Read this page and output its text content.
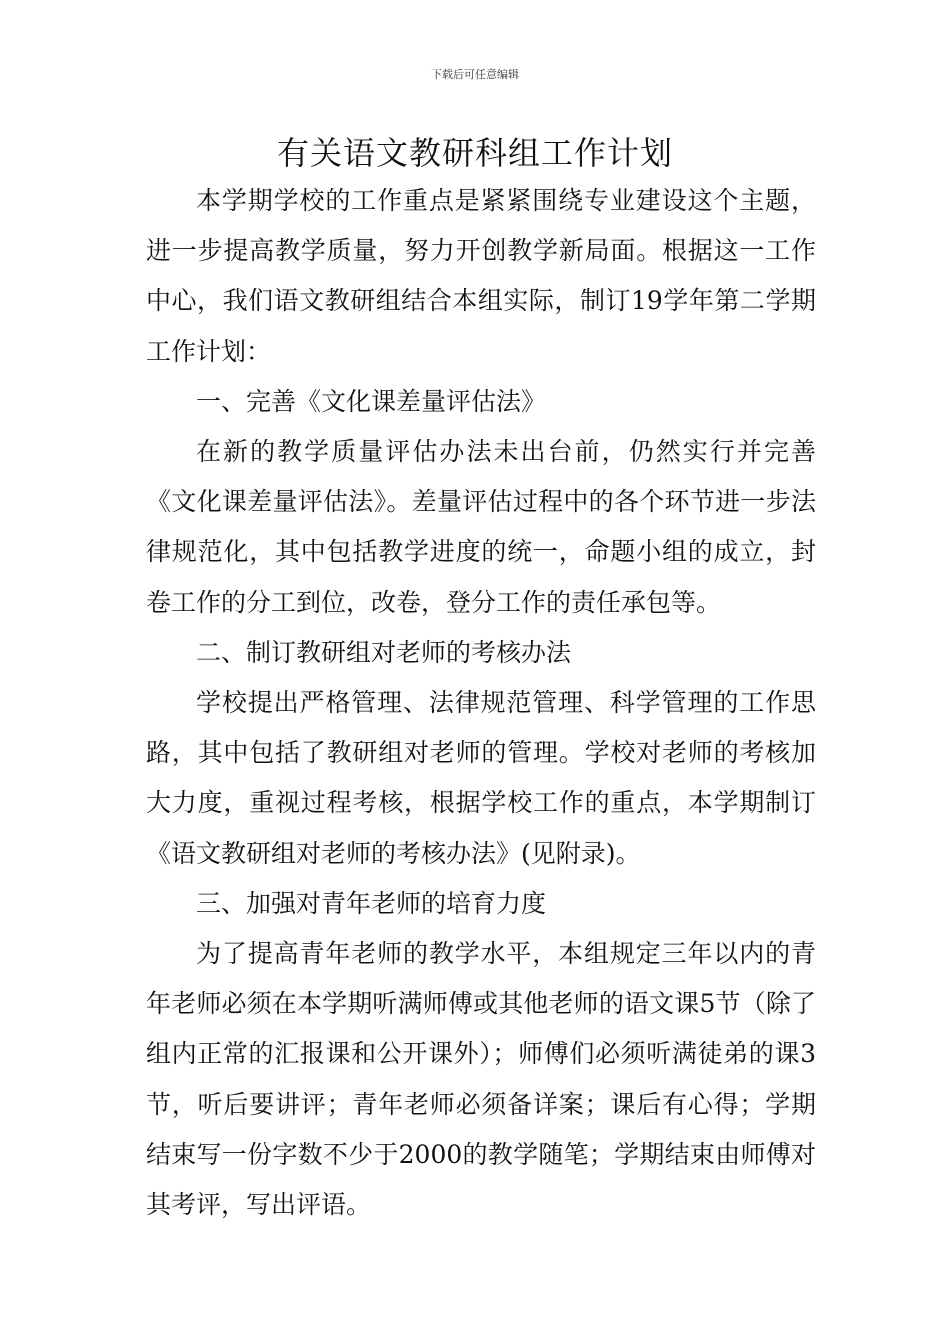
下载后可任意编辑
有关语文教研科组工作计划

本学期学校的工作重点是紧紧围绕专业建设这个主题，进一步提高教学质量，努力开创教学新局面。根据这一工作中心，我们语文教研组结合本组实际，制订19学年第二学期工作计划：

一、完善《文化课差量评估法》

在新的教学质量评估办法未出台前，仍然实行并完善《文化课差量评估法》。差量评估过程中的各个环节进一步法律规范化，其中包括教学进度的统一，命题小组的成立，封卷工作的分工到位，改卷，登分工作的责任承包等。

二、制订教研组对老师的考核办法

学校提出严格管理、法律规范管理、科学管理的工作思路，其中包括了教研组对老师的管理。学校对老师的考核加大力度，重视过程考核，根据学校工作的重点，本学期制订《语文教研组对老师的考核办法》(见附录)。

三、加强对青年老师的培育力度

为了提高青年老师的教学水平，本组规定三年以内的青年老师必须在本学期听满师傅或其他老师的语文课5节（除了组内正常的汇报课和公开课外）；师傅们必须听满徒弟的课3节，听后要讲评；青年老师必须备详案；课后有心得；学期结束写一份字数不少于2000的教学随笔；学期结束由师傅对其考评，写出评语。
